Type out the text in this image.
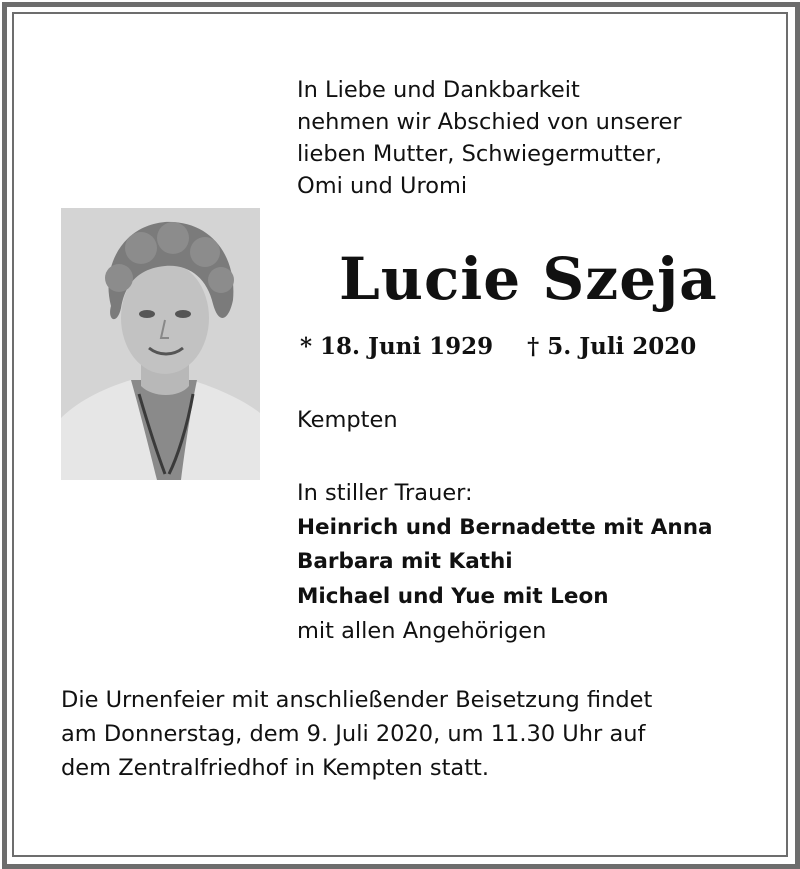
In Liebe und Dankbarkeit
nehmen wir Abschied von unserer
lieben Mutter, Schwiegermutter,
Omi und Uromi
Lucie Szeja
* 18. Juni 1929 † 5. Juli 2020
Kempten
In stiller Trauer:
Heinrich und Bernadette mit Anna
Barbara mit Kathi
Michael und Yue mit Leon
mit allen Angehörigen
Die Urnenfeier mit anschließender Beisetzung findet
am Donnerstag, dem 9. Juli 2020, um 11.30 Uhr auf
dem Zentralfriedhof in Kempten statt.
